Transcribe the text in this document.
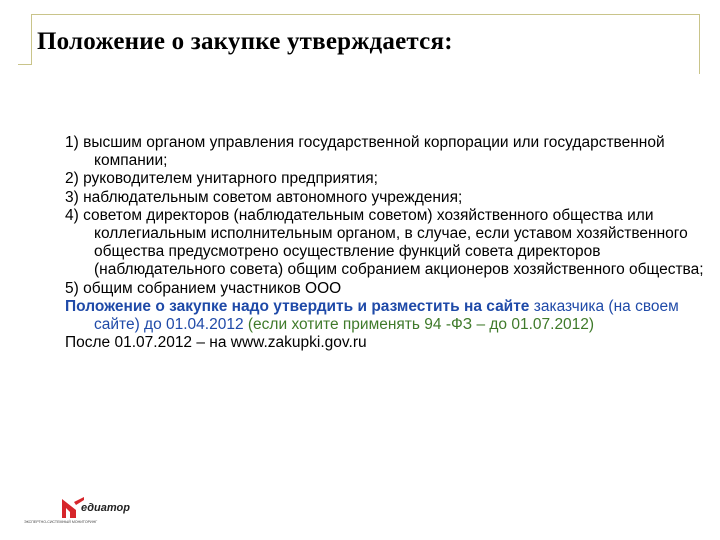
Положение о закупке утверждается:

1) высшим органом управления государственной корпорации или государственной компании;

2) руководителем унитарного предприятия;

3) наблюдательным советом автономного учреждения;

4) советом директоров (наблюдательным советом) хозяйственного общества или коллегиальным исполнительным органом, в случае, если уставом хозяйственного общества предусмотрено осуществление функций совета директоров (наблюдательного совета) общим собранием акционеров хозяйственного общества;

5) общим собранием участников ООО

Положение о закупке надо утвердить и разместить на сайте заказчика (на своем сайте) до 01.04.2012 (если хотите применять 94 -ФЗ – до 01.07.2012)

После 01.07.2012 – на www.zakupki.gov.ru

едиатор
ЭКСПЕРТНО-СИСТЕМНЫЙ МОНИТОРИНГ
